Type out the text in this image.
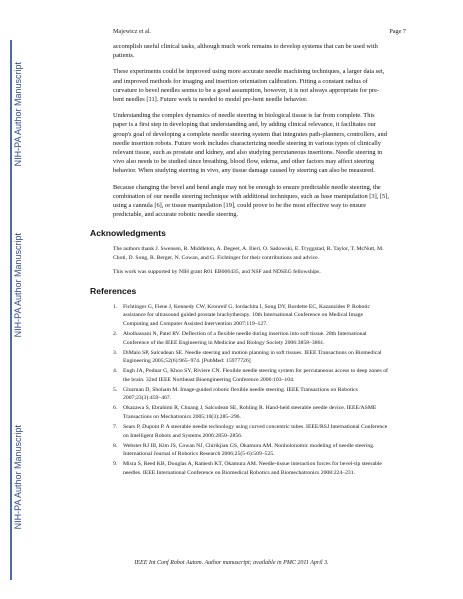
NIH-PA Author Manuscript
NIH-PA Author Manuscript
NIH-PA Author Manuscript
Majewicz et al.	Page 7

accomplish useful clinical tasks, although much work remains to develop systems that can be used with patients.

These experiments could be improved using more accurate needle machining techniques, a larger data set, and improved methods for imaging and insertion orientation calibration. Fitting a constant radius of curvature to bevel needles seems to be a good assumption, however, it is not always appropriate for pre-bent needles [11]. Future work is needed to model pre-bent needle behavior.

Understanding the complex dynamics of needle steering in biological tissue is far from complete. This paper is a first step in developing that understanding and, by adding clinical relevance, it facilitates our group's goal of developing a complete needle steering system that integrates path-planners, controllers, and needle insertion robots. Future work includes characterizing needle steering in various types of clinically relevant tissue, such as prostate and kidney, and also studying percutaneous insertions. Needle steering in vivo also needs to be studied since breathing, blood flow, edema, and other factors may affect steering behavior. When studying steering in vivo, any tissue damage caused by steering can also be measured.

Because changing the bevel and bend angle may not be enough to ensure predictable needle steering, the combination of our needle steering technique with additional techniques, such as base manipulation [3], [5], using a cannula [6], or tissue manipulation [19], could prove to be the most effective way to ensure predictable, and accurate robotic needle steering.

Acknowledgments

The authors thank J. Swensen, R. Middleton, A. Degeet, A. Ilieri, O. Sadowski, E. Tryggstad, R. Taylor, T. McNutt, M. Choti, D. Song, R. Berger, N. Cowan, and G. Fichtinger for their contributions and advice.

This work was supported by NIH grant R01 EB006435, and NSF and NDSEG fellowships.

References
1.	Fichtinger G, Fiene J, Kennedy CW, Kronreif G, Iordachita I, Song DY, Burdette EC, Kazanzides P. Robotic assistance for ultrasound guided prostate brachytherapy. 10th International Conference on Medical Image Computing and Computer Assisted Intervention 2007:119–127.
2.	Abolhassani N, Patel RV. Deflection of a flexible needle during insertion into soft tissue. 28th International Conference of the IEEE Engineering in Medicine and Biology Society 2006:3858–3861.
3.	DiMaio SP, Salcudean SE. Needle steering and motion planning in soft tissues. IEEE Transactions on Biomedical Engineering 2005;52(6):965–974. [PubMed: 15977726]
4.	Engh JA, Podnar G, Khoo SY, Riviere CN. Flexible needle steering system for percutaneous access to deep zones of the brain. 32nd IEEE Northeast Bioengineering Conference 2006:103–104.
5.	Glozman D, Shoham M. Image-guided robotic flexible needle steering. IEEE Transactions on Robotics 2007;23(3):459–467.
6.	Okazawa S, Ebrahimi R, Chuang J, Salcudean SE, Rohling R. Hand-held steerable needle device. IEEE/ASME Transactions on Mechatronics 2005;10(3):285–296.
7.	Sears P, Dupont P. A steerable needle technology using curved concentric tubes. IEEE/RSJ International Conference on Intelligent Robots and Systems 2006:2850–2856.
8.	Webster RJ III, Kim JS, Cowan NJ, Chirikjian GS, Okamura AM. Nonholonomic modeling of needle steering. International Journal of Robotics Research 2006;25(5-6):509–525.
9.	Misra S, Reed KB, Douglas A, Ramesh KT, Okamura AM. Needle-tissue interaction forces for bevel-tip steerable needles. IEEE International Conference on Biomedical Robotics and Biomechatronics 2008:224–231.
IEEE Int Conf Robot Autom. Author manuscript; available in PMC 2011 April 3.
